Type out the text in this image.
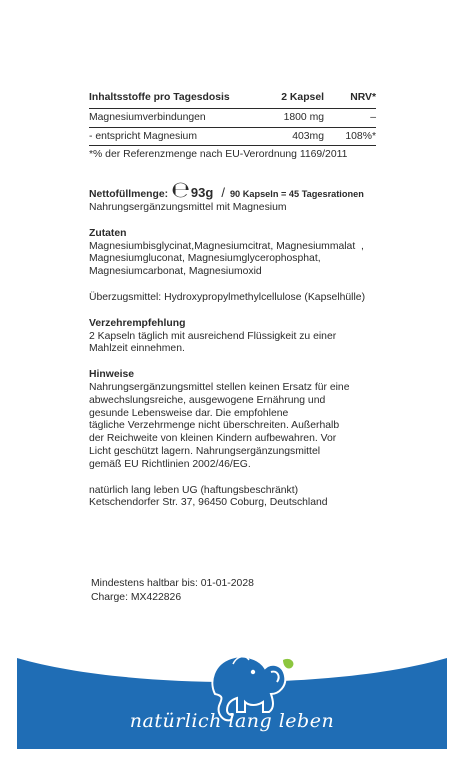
Inhaltsstoffe pro Tagesdosis	2 Kapsel	NRV*
Magnesiumverbindungen	1800 mg	–
- entspricht Magnesium	403mg	108%*
*% der Referenzmenge nach EU-Verordnung 1169/2011
Nettofüllmenge: ℮ 93g / 90 Kapseln = 45 Tagesrationen
Nahrungsergänzungsmittel mit Magnesium
Zutaten

Magnesiumbisglycinat,Magnesiumcitrat, Magnesiummalat  ,

Magnesiumgluconat, Magnesiumglycerophosphat,

Magnesiumcarbonat, Magnesiumoxid

Überzugsmittel: Hydroxypropylmethylcellulose (Kapselhülle)

Verzehrempfehlung

2 Kapseln täglich mit ausreichend Flüssigkeit zu einer

Mahlzeit einnehmen.

Hinweise

Nahrungsergänzungsmittel stellen keinen Ersatz für eine

abwechslungsreiche, ausgewogene Ernährung und

gesunde Lebensweise dar. Die empfohlene

tägliche Verzehrmenge nicht überschreiten. Außerhalb

der Reichweite von kleinen Kindern aufbewahren. Vor

Licht geschützt lagern. Nahrungsergänzungsmittel

gemäß EU Richtlinien 2002/46/EG.

natürlich lang leben UG (haftungsbeschränkt)

Ketschendorfer Str. 37, 96450 Coburg, Deutschland

Mindestens haltbar bis: 01-01-2028
Charge: MX422826
natürlich lang leben
